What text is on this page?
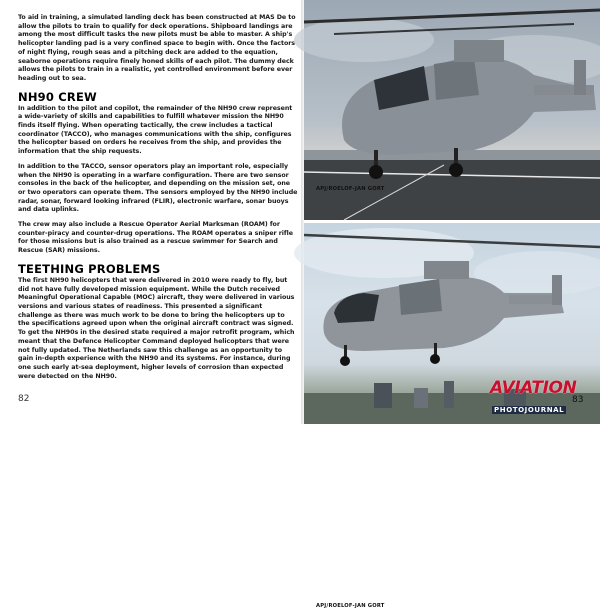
To aid in training, a simulated landing deck has been constructed at MAS De to allow the pilots to train to qualify for deck operations. Shipboard landings are among the most difficult tasks the new pilots must be able to master. A ship's helicopter landing pad is a very confined space to begin with. Once the factors of night flying, rough seas and a pitching deck are added to the equation, seaborne operations require finely honed skills of each pilot. The dummy deck allows the pilots to train in a realistic, yet controlled environment before ever heading out to sea.

NH90 CREW

In addition to the pilot and copilot, the remainder of the NH90 crew represent a wide-variety of skills and capabilities to fulfill whatever mission the NH90 finds itself flying. When operating tactically, the crew includes a tactical coordinator (TACCO), who manages communications with the ship, configures the helicopter based on orders he receives from the ship, and provides the information that the ship requests.

In addition to the TACCO, sensor operators play an important role, especially when the NH90 is operating in a warfare configuration. There are two sensor consoles in the back of the helicopter, and depending on the mission set, one or two operators can operate them. The sensors employed by the NH90 include radar, sonar, forward looking infrared (FLIR), electronic warfare, sonar buoys and data uplinks.

The crew may also include a Rescue Operator Aerial Marksman (ROAM) for counter-piracy and counter-drug operations. The ROAM operates a sniper rifle for those missions but is also trained as a rescue swimmer for Search and Rescue (SAR) missions.

TEETHING PROBLEMS

The first NH90 helicopters that were delivered in 2010 were ready to fly, but did not have fully developed mission equipment. While the Dutch received Meaningful Operational Capable (MOC) aircraft, they were delivered in various versions and various states of readiness. This presented a significant challenge as there was much work to be done to bring the helicopters up to the specifications agreed upon when the original aircraft contract was signed. To get the NH90s in the desired state required a major retrofit program, which meant that the Defence Helicopter Command deployed helicopters that were not fully updated. The Netherlands saw this challenge as an opportunity to gain in-depth experience with the NH90 and its systems. For instance, during one such early at-sea deployment, higher levels of corrosion than expected were detected on the NH90.

82
APJ/ROELOF-JAN GORT
APJ/ROELOF-JAN GORT
AVIATION
PHOTOJOURNAL
83
